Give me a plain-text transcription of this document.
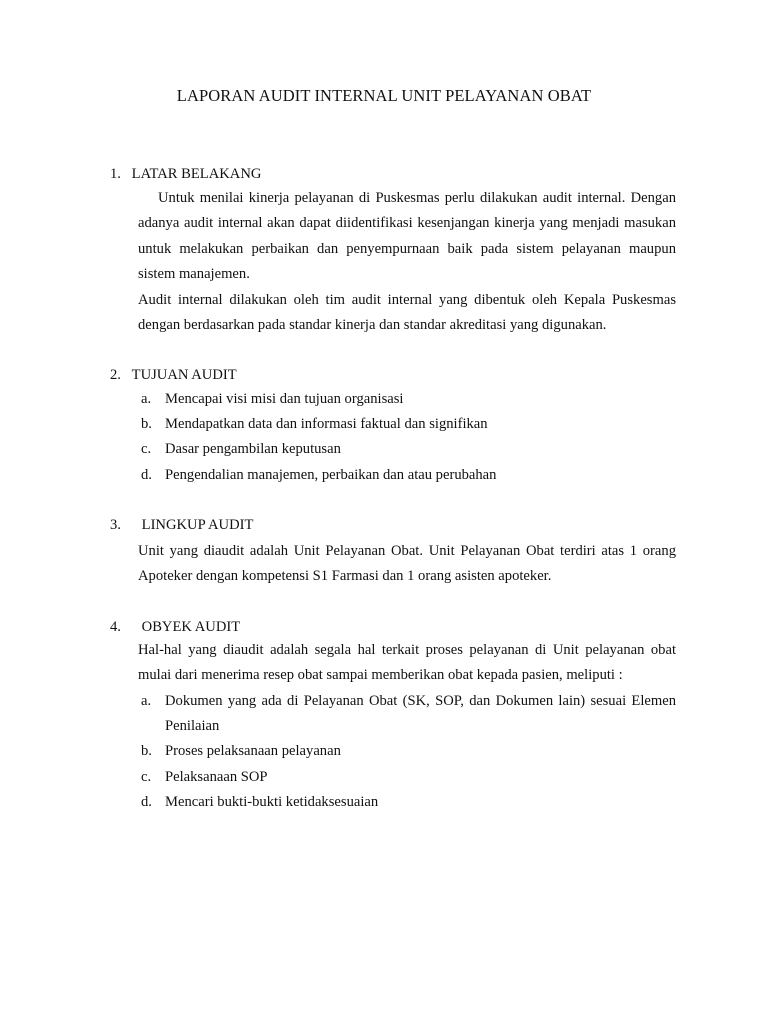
LAPORAN AUDIT INTERNAL UNIT PELAYANAN OBAT
1. LATAR BELAKANG

Untuk menilai kinerja pelayanan di Puskesmas perlu dilakukan audit internal. Dengan adanya audit internal akan dapat diidentifikasi kesenjangan kinerja yang menjadi masukan untuk melakukan perbaikan dan penyempurnaan baik pada sistem pelayanan maupun sistem manajemen.

Audit internal dilakukan oleh tim audit internal yang dibentuk oleh Kepala Puskesmas dengan berdasarkan pada standar kinerja dan standar akreditasi yang digunakan.

2. TUJUAN AUDIT
a. Mencapai visi misi dan tujuan organisasi
b. Mendapatkan data dan informasi faktual dan signifikan
c. Dasar pengambilan keputusan
d. Pengendalian manajemen, perbaikan dan atau perubahan
3. LINGKUP AUDIT

Unit yang diaudit adalah Unit Pelayanan Obat. Unit Pelayanan Obat terdiri atas 1 orang Apoteker dengan kompetensi S1 Farmasi dan 1 orang asisten apoteker.

4. OBYEK AUDIT

Hal-hal yang diaudit adalah segala hal terkait proses pelayanan di Unit pelayanan obat mulai dari menerima resep obat sampai memberikan obat kepada pasien, meliputi :

a. Dokumen yang ada di Pelayanan Obat (SK, SOP, dan Dokumen lain) sesuai Elemen Penilaian
b. Proses pelaksanaan pelayanan
c. Pelaksanaan SOP
d. Mencari bukti-bukti ketidaksesuaian
